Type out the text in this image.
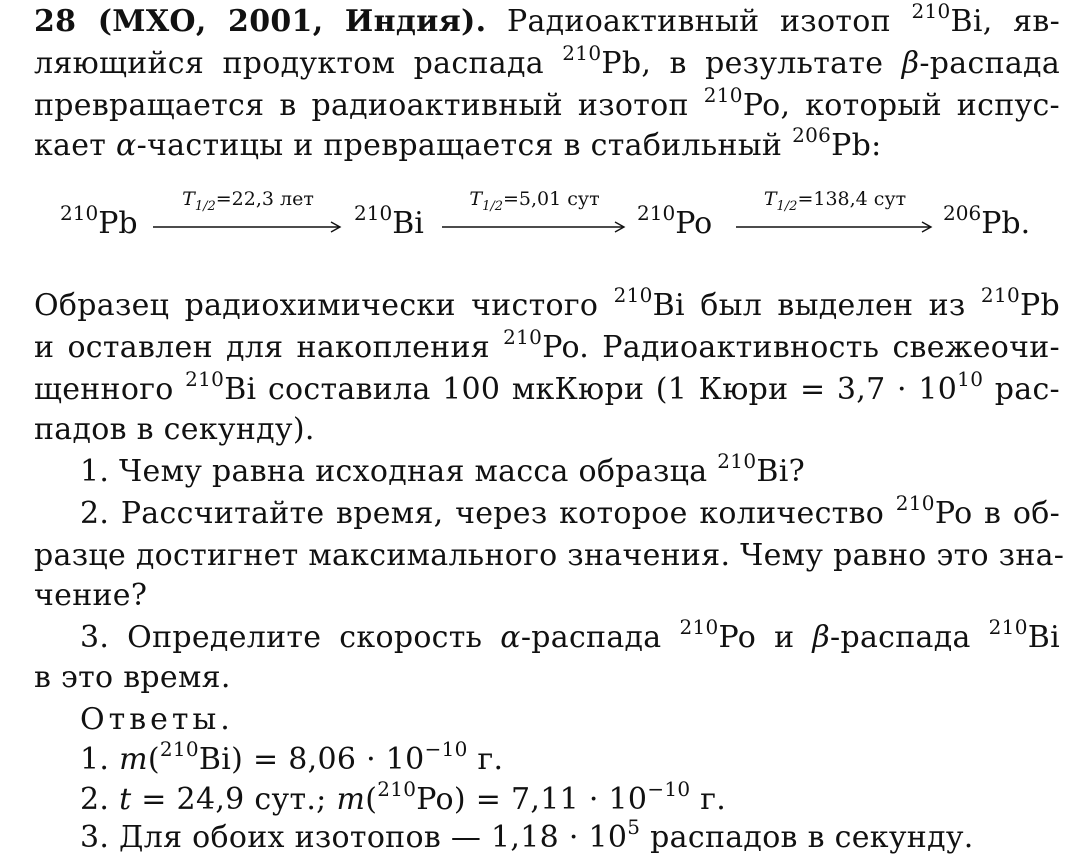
28 (МХО, 2001, Индия). Радиоактивный изотоп $^{210}$Bi, яв-
ляющийся продуктом распада $^{210}$Pb, в результате β-распада
превращается в радиоактивный изотоп $^{210}$Po, который испус-
кает α-частицы и превращается в стабильный $^{206}$Pb:
$^{210}$Pb
$T_{1/2}=22,3$ лет
$^{210}$Bi
$T_{1/2}=5,01$ сут
$^{210}$Po
$T_{1/2}=138,4$ сут
$^{206}$Pb.
Образец радиохимически чистого $^{210}$Bi был выделен из $^{210}$Pb
и оставлен для накопления $^{210}$Po. Радиоактивность свежеочи-
щенного $^{210}$Bi составила 100 мкКюри (1 Кюри = $3,7 \cdot 10^{10}$ рас-
падов в секунду).
1. Чему равна исходная масса образца $^{210}$Bi?
2. Рассчитайте время, через которое количество $^{210}$Po в об-
разце достигнет максимального значения. Чему равно это зна-
чение?
3. Определите скорость α-распада $^{210}$Po и β-распада $^{210}$Bi
в это время.
Ответы.
1. $m(^{210}Bi) = 8,06 \cdot 10^{-10}$ г.
2. t = 24,9 сут.; $m(^{210}Po) = 7,11 \cdot 10^{-10}$ г.
3. Для обоих изотопов — $1,18 \cdot 10^5$ распадов в секунду.
